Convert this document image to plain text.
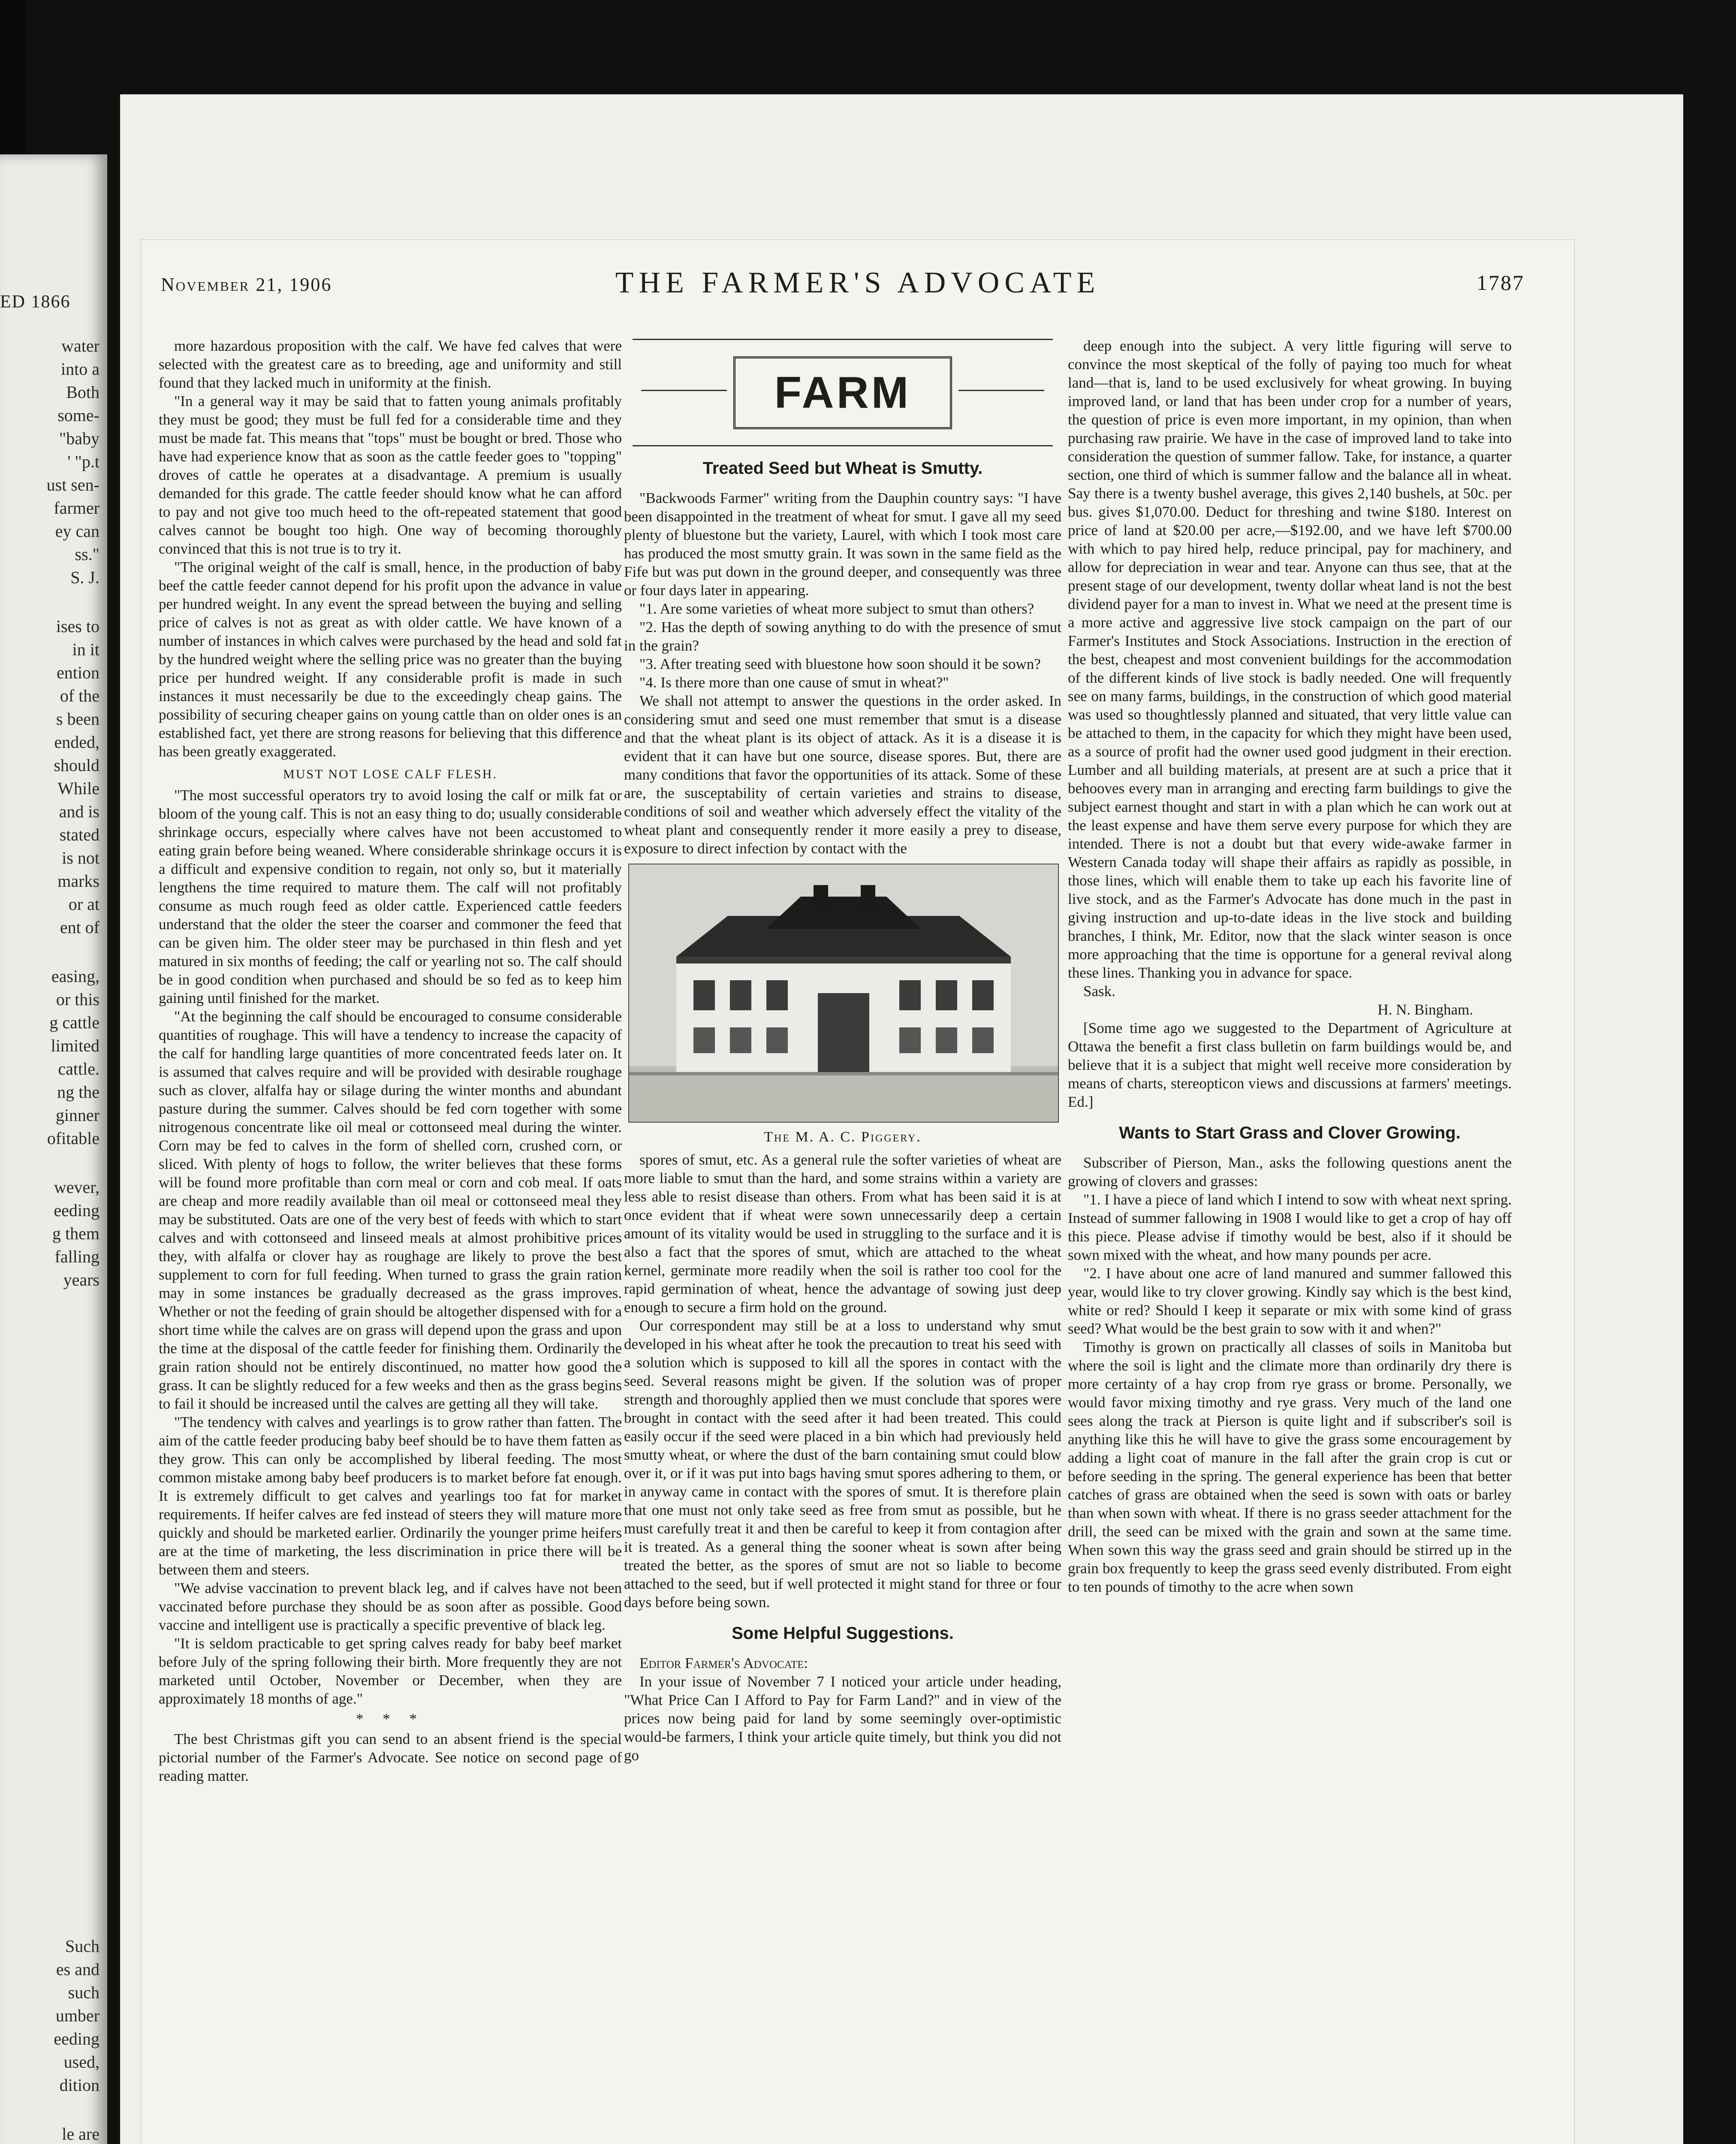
ED 1866
water
into a
Both
some-
"baby
' "p.t
ust sen-
farmer
ey can
ss."
S. J.
ises to
in it
ention
of the
s been
ended,
should
While
and is
stated
is not
marks
or at
ent of
easing,
or this
g cattle
limited
cattle.
ng the
ginner
ofitable
wever,
eeding
g them
falling
years
Such
es and
such
umber
eeding
used,
dition
le are
November 21, 1906	THE FARMER'S ADVOCATE	1787

more hazardous proposition with the calf. We have fed calves that were selected with the greatest care as to breeding, age and uniformity and still found that they lacked much in uniformity at the finish.

"In a general way it may be said that to fatten young animals profitably they must be good; they must be full fed for a considerable time and they must be made fat. This means that "tops" must be bought or bred. Those who have had experience know that as soon as the cattle feeder goes to "topping" droves of cattle he operates at a disadvantage. A premium is usually demanded for this grade. The cattle feeder should know what he can afford to pay and not give too much heed to the oft-repeated statement that good calves cannot be bought too high. One way of becoming thoroughly convinced that this is not true is to try it.

"The original weight of the calf is small, hence, in the production of baby beef the cattle feeder cannot depend for his profit upon the advance in value per hundred weight. In any event the spread between the buying and selling price of calves is not as great as with older cattle. We have known of a number of instances in which calves were purchased by the head and sold fat by the hundred weight where the selling price was no greater than the buying price per hundred weight. If any considerable profit is made in such instances it must necessarily be due to the exceedingly cheap gains. The possibility of securing cheaper gains on young cattle than on older ones is an established fact, yet there are strong reasons for believing that this difference has been greatly exaggerated.

MUST NOT LOSE CALF FLESH.

"The most successful operators try to avoid losing the calf or milk fat or bloom of the young calf. This is not an easy thing to do; usually considerable shrinkage occurs, especially where calves have not been accustomed to eating grain before being weaned. Where considerable shrinkage occurs it is a difficult and expensive condition to regain, not only so, but it materially lengthens the time required to mature them. The calf will not profitably consume as much rough feed as older cattle. Experienced cattle feeders understand that the older the steer the coarser and commoner the feed that can be given him. The older steer may be purchased in thin flesh and yet matured in six months of feeding; the calf or yearling not so. The calf should be in good condition when purchased and should be so fed as to keep him gaining until finished for the market.

"At the beginning the calf should be encouraged to consume considerable quantities of roughage. This will have a tendency to increase the capacity of the calf for handling large quantities of more concentrated feeds later on. It is assumed that calves require and will be provided with desirable roughage such as clover, alfalfa hay or silage during the winter months and abundant pasture during the summer. Calves should be fed corn together with some nitrogenous concentrate like oil meal or cottonseed meal during the winter. Corn may be fed to calves in the form of shelled corn, crushed corn, or sliced. With plenty of hogs to follow, the writer believes that these forms will be found more profitable than corn meal or corn and cob meal. If oats are cheap and more readily available than oil meal or cottonseed meal they may be substituted. Oats are one of the very best of feeds with which to start calves and with cottonseed and linseed meals at almost prohibitive prices they, with alfalfa or clover hay as roughage are likely to prove the best supplement to corn for full feeding. When turned to grass the grain ration may in some instances be gradually decreased as the grass improves. Whether or not the feeding of grain should be altogether dispensed with for a short time while the calves are on grass will depend upon the grass and upon the time at the disposal of the cattle feeder for finishing them. Ordinarily the grain ration should not be entirely discontinued, no matter how good the grass. It can be slightly reduced for a few weeks and then as the grass begins to fail it should be increased until the calves are getting all they will take.

"The tendency with calves and yearlings is to grow rather than fatten. The aim of the cattle feeder producing baby beef should be to have them fatten as they grow. This can only be accomplished by liberal feeding. The most common mistake among baby beef producers is to market before fat enough. It is extremely difficult to get calves and yearlings too fat for market requirements. If heifer calves are fed instead of steers they will mature more quickly and should be marketed earlier. Ordinarily the younger prime heifers are at the time of marketing, the less discrimination in price there will be between them and steers.

"We advise vaccination to prevent black leg, and if calves have not been vaccinated before purchase they should be as soon after as possible. Good vaccine and intelligent use is practically a specific preventive of black leg.

"It is seldom practicable to get spring calves ready for baby beef market before July of the spring following their birth. More frequently they are not marketed until October, November or December, when they are approximately 18 months of age."

* * *

The best Christmas gift you can send to an absent friend is the special pictorial number of the Farmer's Advocate. See notice on second page of reading matter.

FARM
Treated Seed but Wheat is Smutty.

"Backwoods Farmer" writing from the Dauphin country says: "I have been disappointed in the treatment of wheat for smut. I gave all my seed plenty of bluestone but the variety, Laurel, with which I took most care has produced the most smutty grain. It was sown in the same field as the Fife but was put down in the ground deeper, and consequently was three or four days later in appearing.

"1. Are some varieties of wheat more subject to smut than others?

"2. Has the depth of sowing anything to do with the presence of smut in the grain?

"3. After treating seed with bluestone how soon should it be sown?

"4. Is there more than one cause of smut in wheat?"

We shall not attempt to answer the questions in the order asked. In considering smut and seed one must remember that smut is a disease and that the wheat plant is its object of attack. As it is a disease it is evident that it can have but one source, disease spores. But, there are many conditions that favor the opportunities of its attack. Some of these are, the susceptability of certain varieties and strains to disease, conditions of soil and weather which adversely effect the vitality of the wheat plant and consequently render it more easily a prey to disease, exposure to direct infection by contact with the

The M. A. C. Piggery.

spores of smut, etc. As a general rule the softer varieties of wheat are more liable to smut than the hard, and some strains within a variety are less able to resist disease than others. From what has been said it is at once evident that if wheat were sown unnecessarily deep a certain amount of its vitality would be used in struggling to the surface and it is also a fact that the spores of smut, which are attached to the wheat kernel, germinate more readily when the soil is rather too cool for the rapid germination of wheat, hence the advantage of sowing just deep enough to secure a firm hold on the ground.

Our correspondent may still be at a loss to understand why smut developed in his wheat after he took the precaution to treat his seed with a solution which is supposed to kill all the spores in contact with the seed. Several reasons might be given. If the solution was of proper strength and thoroughly applied then we must conclude that spores were brought in contact with the seed after it had been treated. This could easily occur if the seed were placed in a bin which had previously held smutty wheat, or where the dust of the barn containing smut could blow over it, or if it was put into bags having smut spores adhering to them, or in anyway came in contact with the spores of smut. It is therefore plain that one must not only take seed as free from smut as possible, but he must carefully treat it and then be careful to keep it from contagion after it is treated. As a general thing the sooner wheat is sown after being treated the better, as the spores of smut are not so liable to become attached to the seed, but if well protected it might stand for three or four days before being sown.

Some Helpful Suggestions.

Editor Farmer's Advocate:

In your issue of November 7 I noticed your article under heading, "What Price Can I Afford to Pay for Farm Land?" and in view of the prices now being paid for land by some seemingly over-optimistic would-be farmers, I think your article quite timely, but think you did not go

deep enough into the subject. A very little figuring will serve to convince the most skeptical of the folly of paying too much for wheat land—that is, land to be used exclusively for wheat growing. In buying improved land, or land that has been under crop for a number of years, the question of price is even more important, in my opinion, than when purchasing raw prairie. We have in the case of improved land to take into consideration the question of summer fallow. Take, for instance, a quarter section, one third of which is summer fallow and the balance all in wheat. Say there is a twenty bushel average, this gives 2,140 bushels, at 50c. per bus. gives $1,070.00. Deduct for threshing and twine $180. Interest on price of land at $20.00 per acre,—$192.00, and we have left $700.00 with which to pay hired help, reduce principal, pay for machinery, and allow for depreciation in wear and tear. Anyone can thus see, that at the present stage of our development, twenty dollar wheat land is not the best dividend payer for a man to invest in. What we need at the present time is a more active and aggressive live stock campaign on the part of our Farmer's Institutes and Stock Associations. Instruction in the erection of the best, cheapest and most convenient buildings for the accommodation of the different kinds of live stock is badly needed. One will frequently see on many farms, buildings, in the construction of which good material was used so thoughtlessly planned and situated, that very little value can be attached to them, in the capacity for which they might have been used, as a source of profit had the owner used good judgment in their erection. Lumber and all building materials, at present are at such a price that it behooves every man in arranging and erecting farm buildings to give the subject earnest thought and start in with a plan which he can work out at the least expense and have them serve every purpose for which they are intended. There is not a doubt but that every wide-awake farmer in Western Canada today will shape their affairs as rapidly as possible, in those lines, which will enable them to take up each his favorite line of live stock, and as the Farmer's Advocate has done much in the past in giving instruction and up-to-date ideas in the live stock and building branches, I think, Mr. Editor, now that the slack winter season is once more approaching that the time is opportune for a general revival along these lines. Thanking you in advance for space.

Sask.

H. N. Bingham.

[Some time ago we suggested to the Department of Agriculture at Ottawa the benefit a first class bulletin on farm buildings would be, and believe that it is a subject that might well receive more consideration by means of charts, stereopticon views and discussions at farmers' meetings. Ed.]

Wants to Start Grass and Clover Growing.

Subscriber of Pierson, Man., asks the following questions anent the growing of clovers and grasses:

"1. I have a piece of land which I intend to sow with wheat next spring. Instead of summer fallowing in 1908 I would like to get a crop of hay off this piece. Please advise if timothy would be best, also if it should be sown mixed with the wheat, and how many pounds per acre.

"2. I have about one acre of land manured and summer fallowed this year, would like to try clover growing. Kindly say which is the best kind, white or red? Should I keep it separate or mix with some kind of grass seed? What would be the best grain to sow with it and when?"

Timothy is grown on practically all classes of soils in Manitoba but where the soil is light and the climate more than ordinarily dry there is more certainty of a hay crop from rye grass or brome. Personally, we would favor mixing timothy and rye grass. Very much of the land one sees along the track at Pierson is quite light and if subscriber's soil is anything like this he will have to give the grass some encouragement by adding a light coat of manure in the fall after the grain crop is cut or before seeding in the spring. The general experience has been that better catches of grass are obtained when the seed is sown with oats or barley than when sown with wheat. If there is no grass seeder attachment for the drill, the seed can be mixed with the grain and sown at the same time. When sown this way the grass seed and grain should be stirred up in the grain box frequently to keep the grass seed evenly distributed. From eight to ten pounds of timothy to the acre when sown
